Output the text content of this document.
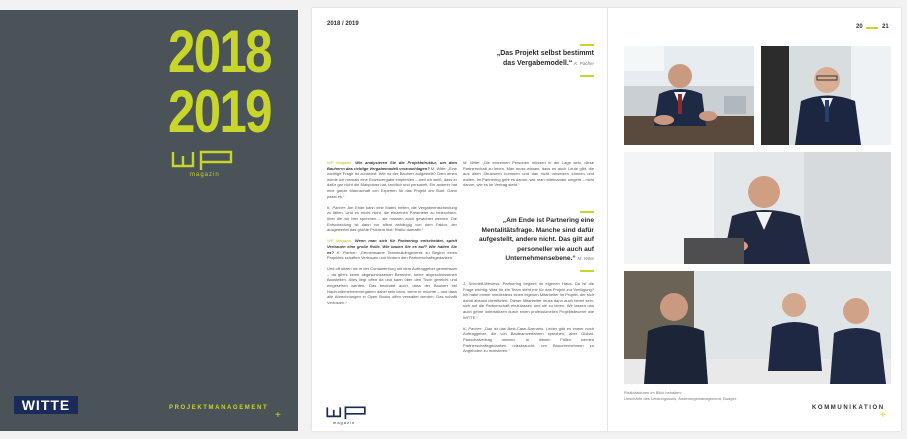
2018
2019
magazin
WITTE	PROJEKTMANAGEMENT
+
2018 / 2019
„Das Projekt selbst bestimmt
das Vergabemodell.“ K. Pacher

WP Magazin: Wie analysieren Sie die Projektstruktur, um dem Bauherrn das richtige Vergabemodell vorzuschlagen? M. Witte: „Eine wichtige Frage ist zunächst: Wie ist der Bauherr aufgestellt? Dem einen würde ich niemals eine Einzelvergabe empfehlen – weil ich weiß, dass er dafür gar nicht die Manpower hat, fachlich und personell. Ein anderer hat eine ganze Mannschaft von Experten für das Projekt am Start. Dann passt es.“

K. Pacher: Am Ende kann eine Matrix helfen, die Vergabeentscheidung zu fällen. Und es reicht nicht, die einzelnen Parameter zu beleuchten, über die wir hier sprechen – sie müssen auch gewichtet werden. Die Entscheidung ist dann vor allem abhängig von dem Faktor, der ausgewertet das größte Problem löst: Risiko damalitt.“

WP Magazin: Wenn man sich für Partnering entscheidet, spielt Vertrauen eine große Rolle. Wie bauen Sie es auf? Wie halten Sie es? K. Pacher: „Gemeinsame Teambuildingevents zu Beginn eines Projektes schaffen Vertrauen und fördern den Partnerschaftsgedanken.

Und oft sitzen wir in der Containerburg mit dem Auftraggeber gemeinsam – da gibt’s keine abgeschlossenen Bereiche, keine abgeschlossenen Baustellen. Alles liegt offen da und kann über den Tisch gereicht und eingesehen werden. Das bedeutet auch, dass der Bauherr bei Nachunternehmervergaben dabei sein kann, wenn er möchte – und dass alle Abrechnungen in Open Books offen verwaltet werden. Das schafft Vertrauen.“

M. Witte: „Die einzelnen Personen müssen in der Lage sein, diese Partnerschaft zu leben. Man muss wissen, dass es auch Leute gibt, die aus alten Strukturen kommen und das nicht umsetzen können und wollen. Im Partnering geht es darum, wie man miteinander umgeht – nicht darum, wie es im Vertrag steht.“

„Am Ende ist Partnering eine
Mentalitätsfrage. Manche sind dafür
aufgestellt, andere nicht. Das gilt auf
personeller wie auch auf
Unternehmensebene.“ M. Witte

J. Schmidt-Wesless: Partnering beginnt im eigenen Haus. Da ist die Frage wichtig: Was für ein Team steht mir für das Projekt zur Verfügung? Ich habe immer mindestens einen eigenen Mitarbeiter im Projekt, der sich damit absolut identifiziert. Dieser Mitarbeiter muss dann auch bereit sein, sich auf die Partnerschaft einzulassen und sie zu leben. Wir lassen uns auch gerne unterstützen durch einen professionellen Projektsteuerer wie WITTE.“

K. Pacher: „Das ist das Best-Case-Szenario. Leider gibt es immer noch Auftraggeber, die von Bauteamverfahren sprechen, aber Global-Pauschalvertrag meinen. In diesen Fällen werden Partnerschaftsgedanken missbraucht, um Bauunternehmen zu Angeboten zu motivieren.“

magazin
20	21
Risikofaktoren im Blick behalten:
Unschärfe des Leistungssolls, Änderungsmanagement, Budget.
KOMMUNIKATION
+
